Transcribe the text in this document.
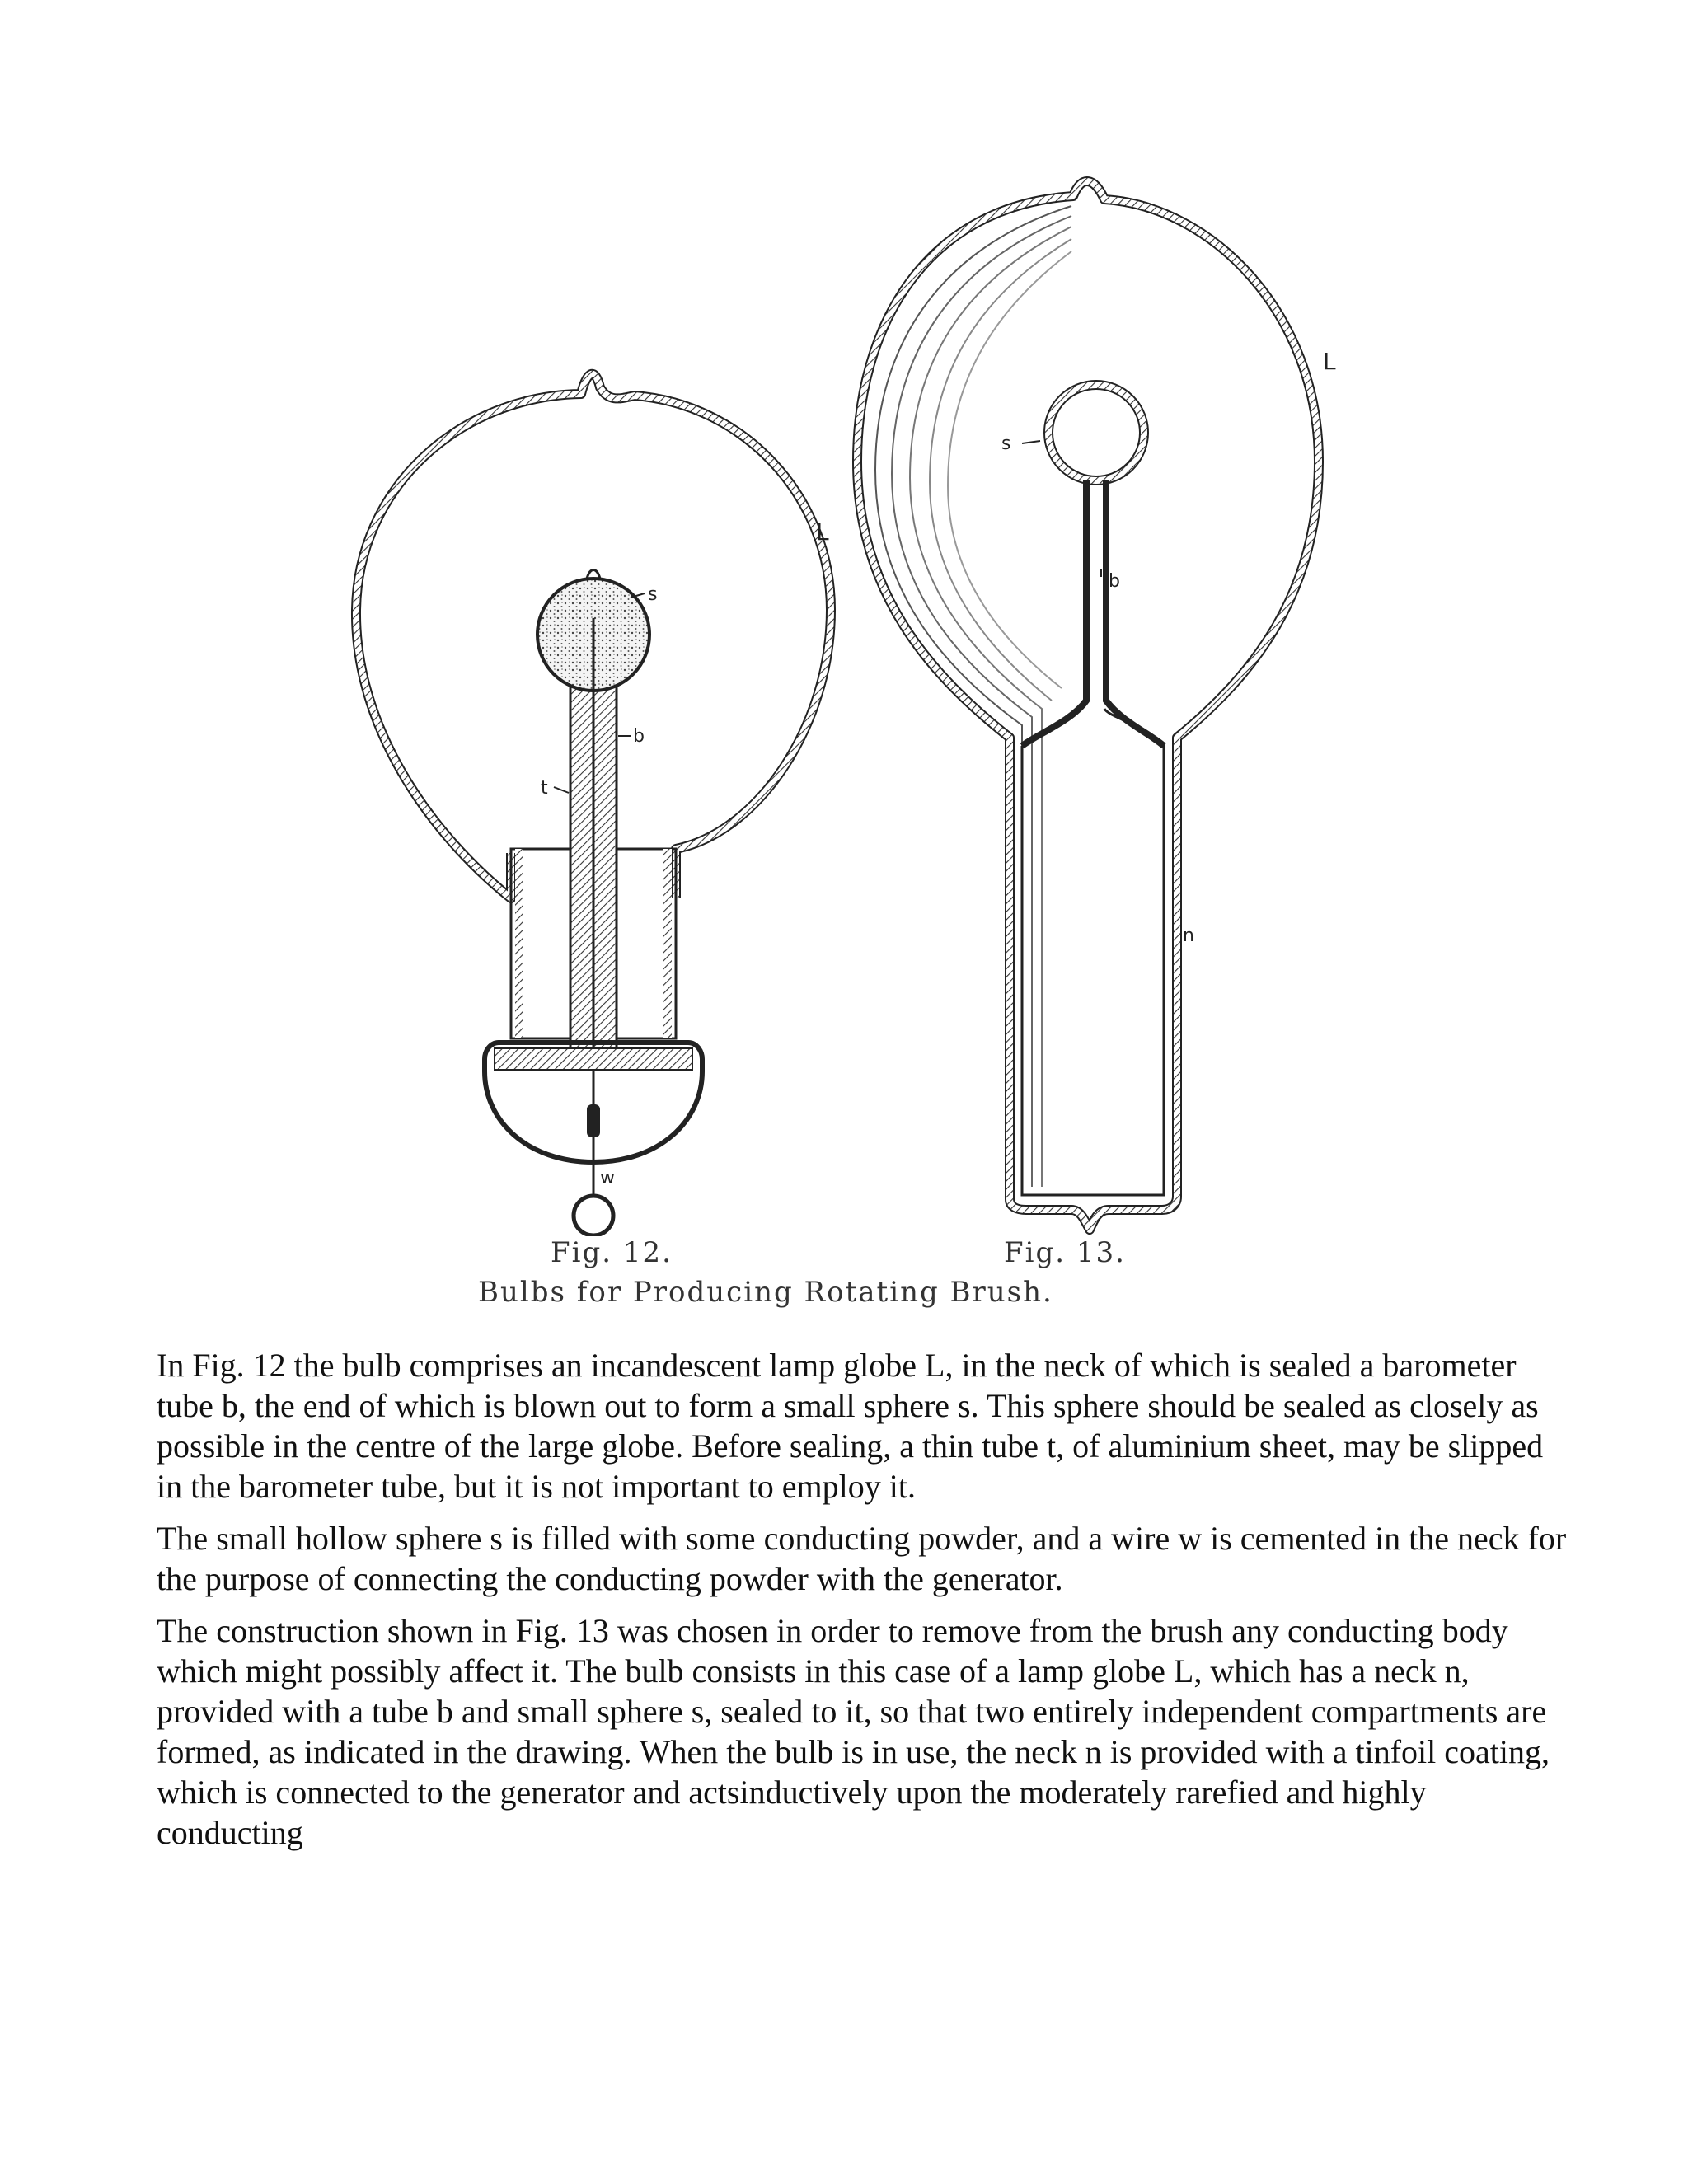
s
b
t
w
L
s
b
n
L
Fig. 12.	Fig. 13.
Bulbs for Producing Rotating Brush.

In Fig. 12 the bulb comprises an incandescent lamp globe L, in the neck of which is sealed a barometer tube b, the end of which is blown out to form a small sphere s. This sphere should be sealed as closely as possible in the centre of the large globe. Before sealing, a thin tube t, of aluminium sheet, may be slipped in the barometer tube, but it is not important to employ it.

The small hollow sphere s is filled with some conducting powder, and a wire w is cemented in the neck for the purpose of connecting the conducting powder with the generator.

The construction shown in Fig. 13 was chosen in order to remove from the brush any conducting body which might possibly affect it. The bulb consists in this case of a lamp globe L, which has a neck n, provided with a tube b and small sphere s, sealed to it, so that two entirely independent compartments are formed, as indicated in the drawing. When the bulb is in use, the neck n is provided with a tinfoil coating, which is connected to the generator and actsinductively upon the moderately rarefied and highly conducting
